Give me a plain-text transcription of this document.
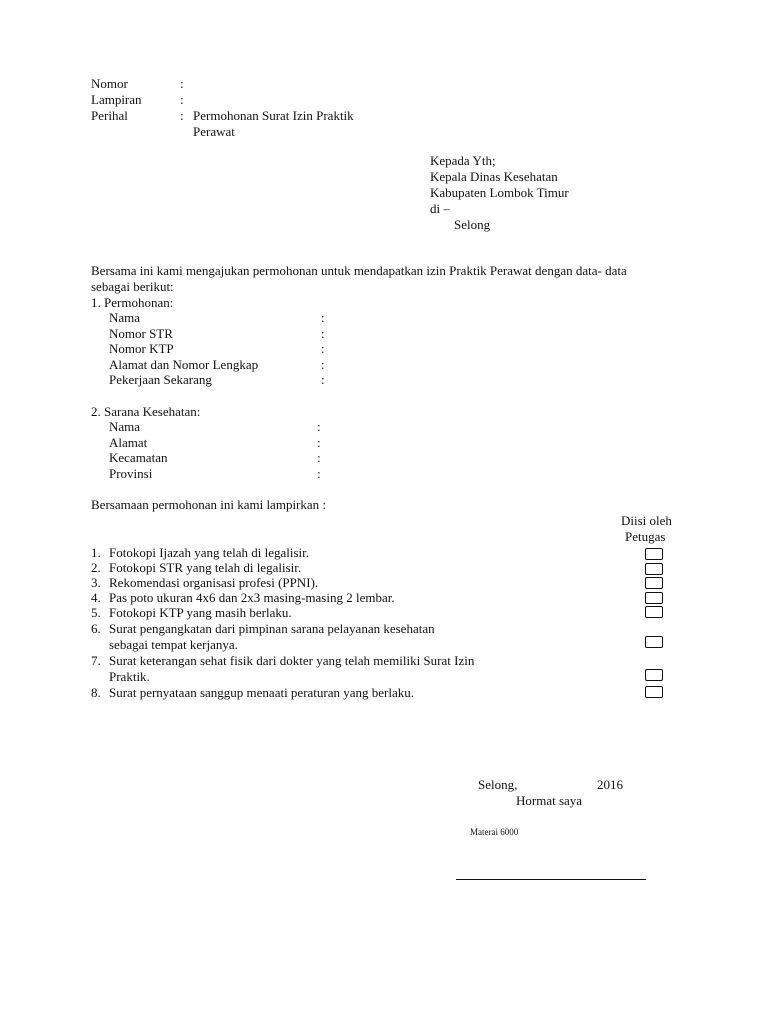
Nomor	:
Lampiran	:
Perihal	: Permohonan Surat Izin Praktik
Perawat
Kepada Yth;
Kepala Dinas Kesehatan
Kabupaten Lombok Timur
di –
Selong
Bersama ini kami mengajukan permohonan untuk mendapatkan izin Praktik Perawat dengan data- data
sebagai berikut:
1. Permohonan:
Nama	:
Nomor STR	:
Nomor KTP	:
Alamat dan Nomor Lengkap	:
Pekerjaan Sekarang	:
2. Sarana Kesehatan:
Nama	:
Alamat	:
Kecamatan	:
Provinsi	:
Bersamaan permohonan ini kami lampirkan :
Diisi oleh
Petugas
1. Fotokopi Ijazah yang telah di legalisir.
2. Fotokopi STR yang telah di legalisir.
3. Rekomendasi organisasi profesi (PPNI).
4. Pas poto ukuran 4x6 dan 2x3 masing-masing 2 lembar.
5. Fotokopi KTP yang masih berlaku.
6. Surat pengangkatan dari pimpinan sarana pelayanan kesehatan
sebagai tempat kerjanya.
7. Surat keterangan sehat fisik dari dokter yang telah memiliki Surat Izin
Praktik.
8. Surat pernyataan sanggup menaati peraturan yang berlaku.
Selong,	2016
Hormat saya
Materai 6000
